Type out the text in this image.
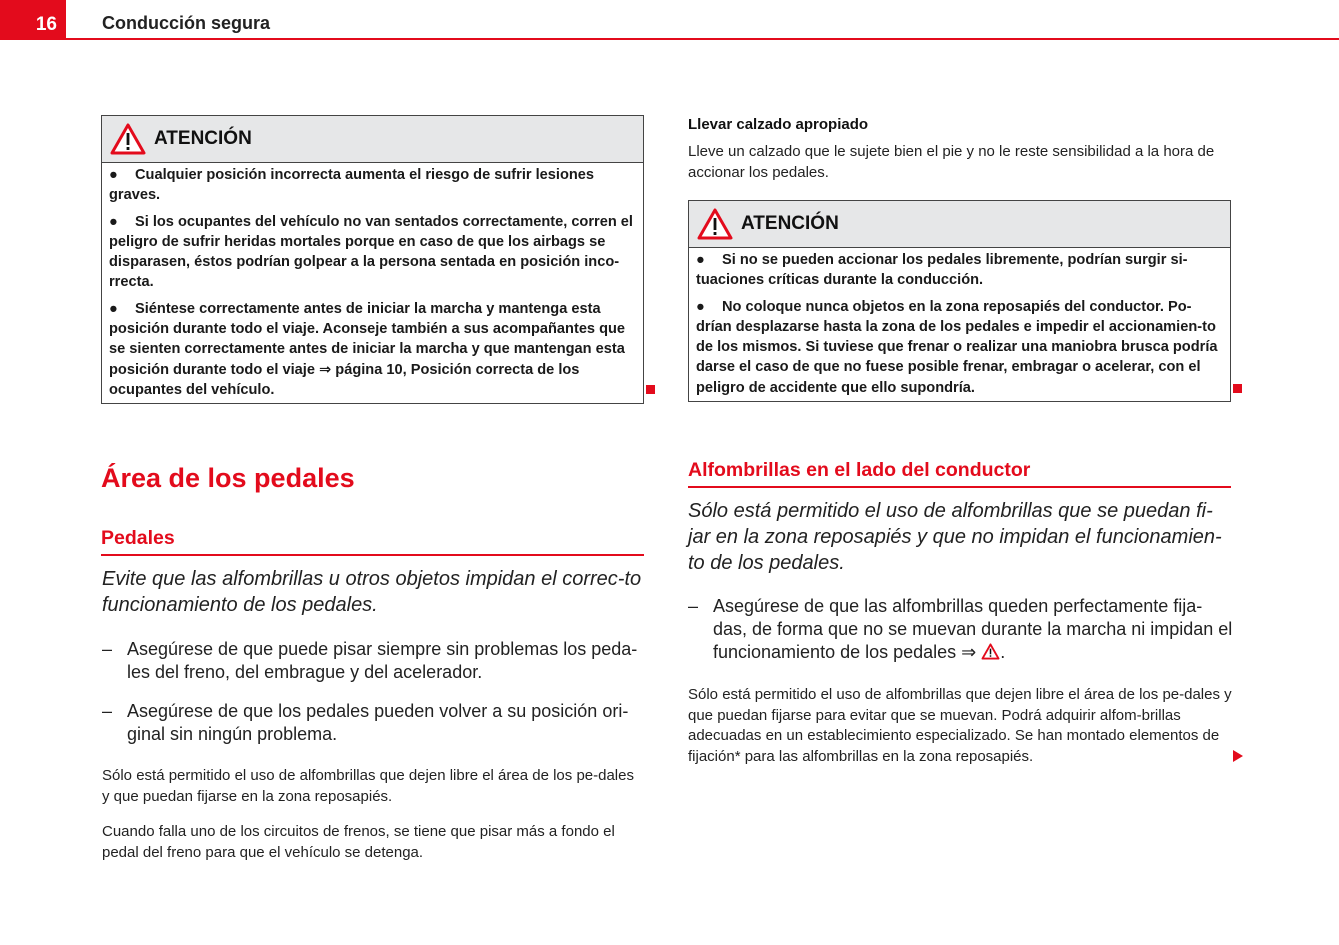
16	Conducción segura
ATENCIÓN

● Cualquier posición incorrecta aumenta el riesgo de sufrir lesiones graves.

● Si los ocupantes del vehículo no van sentados correctamente, corren el peligro de sufrir heridas mortales porque en caso de que los airbags se disparasen, éstos podrían golpear a la persona sentada en posición inco-rrecta.

● Siéntese correctamente antes de iniciar la marcha y mantenga esta posición durante todo el viaje. Aconseje también a sus acompañantes que se sienten correctamente antes de iniciar la marcha y que mantengan esta posición durante todo el viaje ⇒ página 10, Posición correcta de los ocupantes del vehículo.

Área de los pedales
Pedales
Evite que las alfombrillas u otros objetos impidan el correc-to funcionamiento de los pedales.
– Asegúrese de que puede pisar siempre sin problemas los peda-les del freno, del embrague y del acelerador.
– Asegúrese de que los pedales pueden volver a su posición ori-ginal sin ningún problema.
Sólo está permitido el uso de alfombrillas que dejen libre el área de los pe-dales y que puedan fijarse en la zona reposapiés.
Cuando falla uno de los circuitos de frenos, se tiene que pisar más a fondo el pedal del freno para que el vehículo se detenga.
Llevar calzado apropiado
Lleve un calzado que le sujete bien el pie y no le reste sensibilidad a la hora de accionar los pedales.
ATENCIÓN

● Si no se pueden accionar los pedales libremente, podrían surgir si-tuaciones críticas durante la conducción.

● No coloque nunca objetos en la zona reposapiés del conductor. Po-drían desplazarse hasta la zona de los pedales e impedir el accionamien-to de los mismos. Si tuviese que frenar o realizar una maniobra brusca podría darse el caso de que no fuese posible frenar, embragar o acelerar, con el peligro de accidente que ello supondría.

Alfombrillas en el lado del conductor
Sólo está permitido el uso de alfombrillas que se puedan fi-jar en la zona reposapiés y que no impidan el funcionamien-to de los pedales.
– Asegúrese de que las alfombrillas queden perfectamente fija-das, de forma que no se muevan durante la marcha ni impidan el funcionamiento de los pedales ⇒ .
Sólo está permitido el uso de alfombrillas que dejen libre el área de los pe-dales y que puedan fijarse para evitar que se muevan. Podrá adquirir alfom-brillas adecuadas en un establecimiento especializado. Se han montado elementos de fijación* para las alfombrillas en la zona reposapiés.
